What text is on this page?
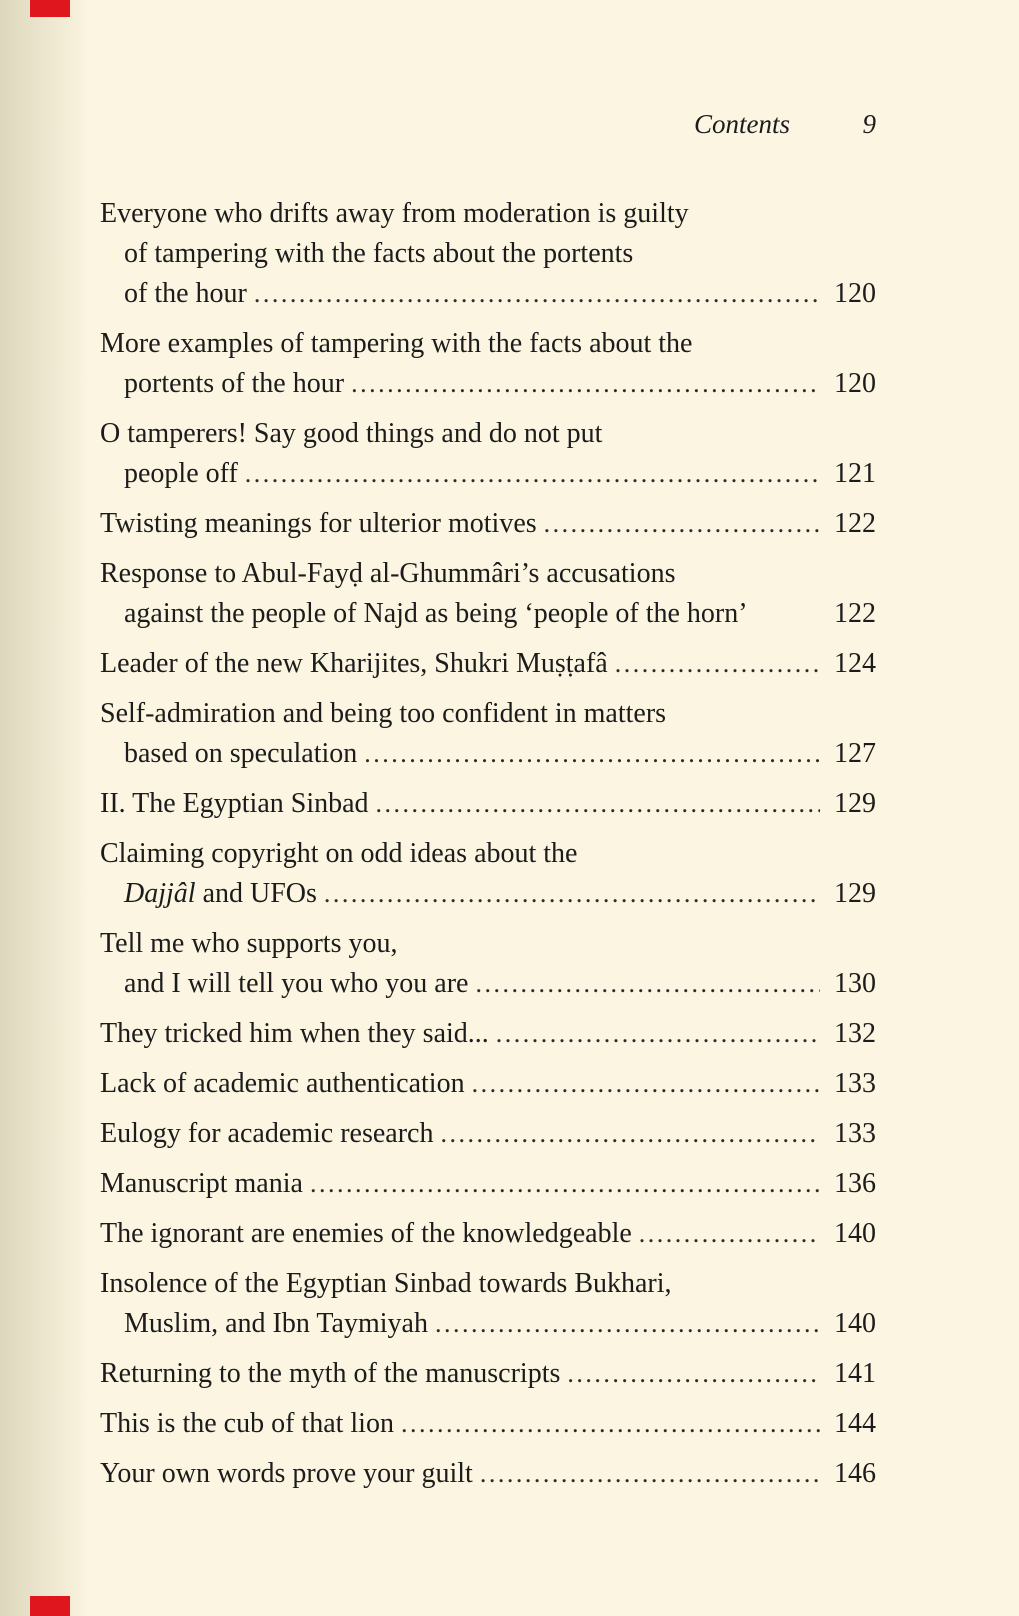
Contents	9
Everyone who drifts away from moderation is guilty
of tampering with the facts about the portents
of the hour .....	120
More examples of tampering with the facts about the
portents of the hour .....	120
O tamperers! Say good things and do not put
people off .....	121
Twisting meanings for ulterior motives .....	122
Response to Abul-Fayḍ al-Ghummâri’s accusations
against the people of Najd as being ‘people of the horn’	122
Leader of the new Kharijites, Shukri Muṣṭafâ .....	124
Self-admiration and being too confident in matters
based on speculation .....	127
II. The Egyptian Sinbad .....	129
Claiming copyright on odd ideas about the
Dajjâl and UFOs .....	129
Tell me who supports you,
and I will tell you who you are .....	130
They tricked him when they said... .....	132
Lack of academic authentication .....	133
Eulogy for academic research .....	133
Manuscript mania .....	136
The ignorant are enemies of the knowledgeable .....	140
Insolence of the Egyptian Sinbad towards Bukhari,
Muslim, and Ibn Taymiyah .....	140
Returning to the myth of the manuscripts .....	141
This is the cub of that lion .....	144
Your own words prove your guilt .....	146
